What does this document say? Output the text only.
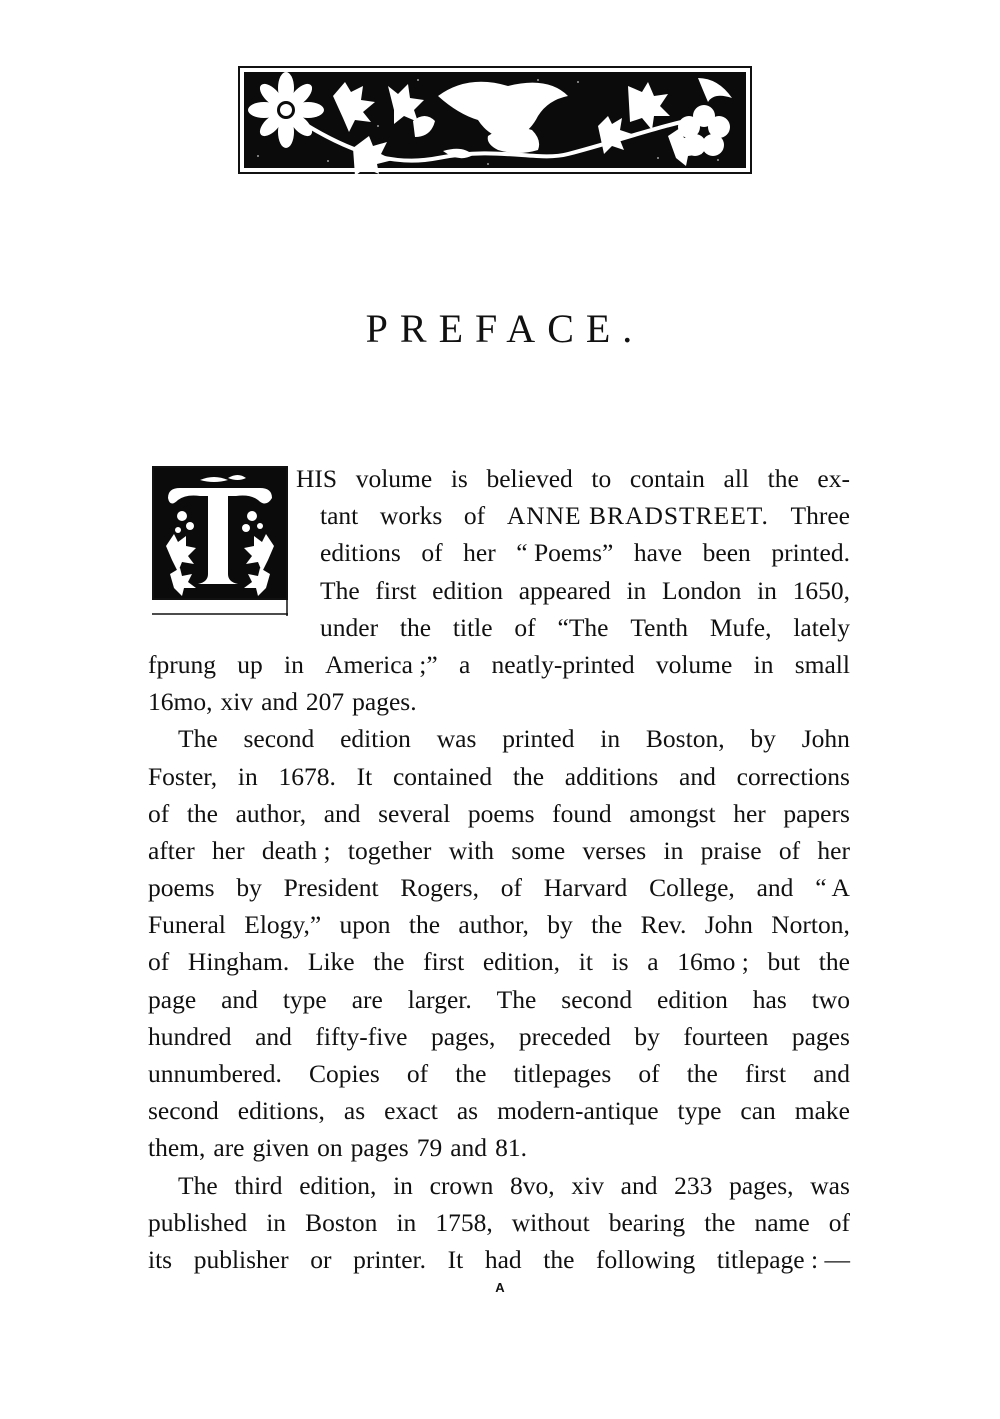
PREFACE.
HIS volume is believed to contain all the ex-
tant works of ANNE BRADSTREET. Three
editions of her “ Poems” have been printed.
The first edition appeared in London in 1650,
under the title of “The Tenth Mufe, lately
fprung up in America ;” a neatly-printed volume in small
16mo, xiv and 207 pages.
The second edition was printed in Boston, by John
Foster, in 1678. It contained the additions and corrections
of the author, and several poems found amongst her papers
after her death ; together with some verses in praise of her
poems by President Rogers, of Harvard College, and “ A
Funeral Elogy,” upon the author, by the Rev. John Norton,
of Hingham. Like the first edition, it is a 16mo ; but the
page and type are larger. The second edition has two
hundred and fifty-five pages, preceded by fourteen pages
unnumbered. Copies of the titlepages of the first and
second editions, as exact as modern-antique type can make
them, are given on pages 79 and 81.
The third edition, in crown 8vo, xiv and 233 pages, was
published in Boston in 1758, without bearing the name of
its publisher or printer. It had the following titlepage : —
A
